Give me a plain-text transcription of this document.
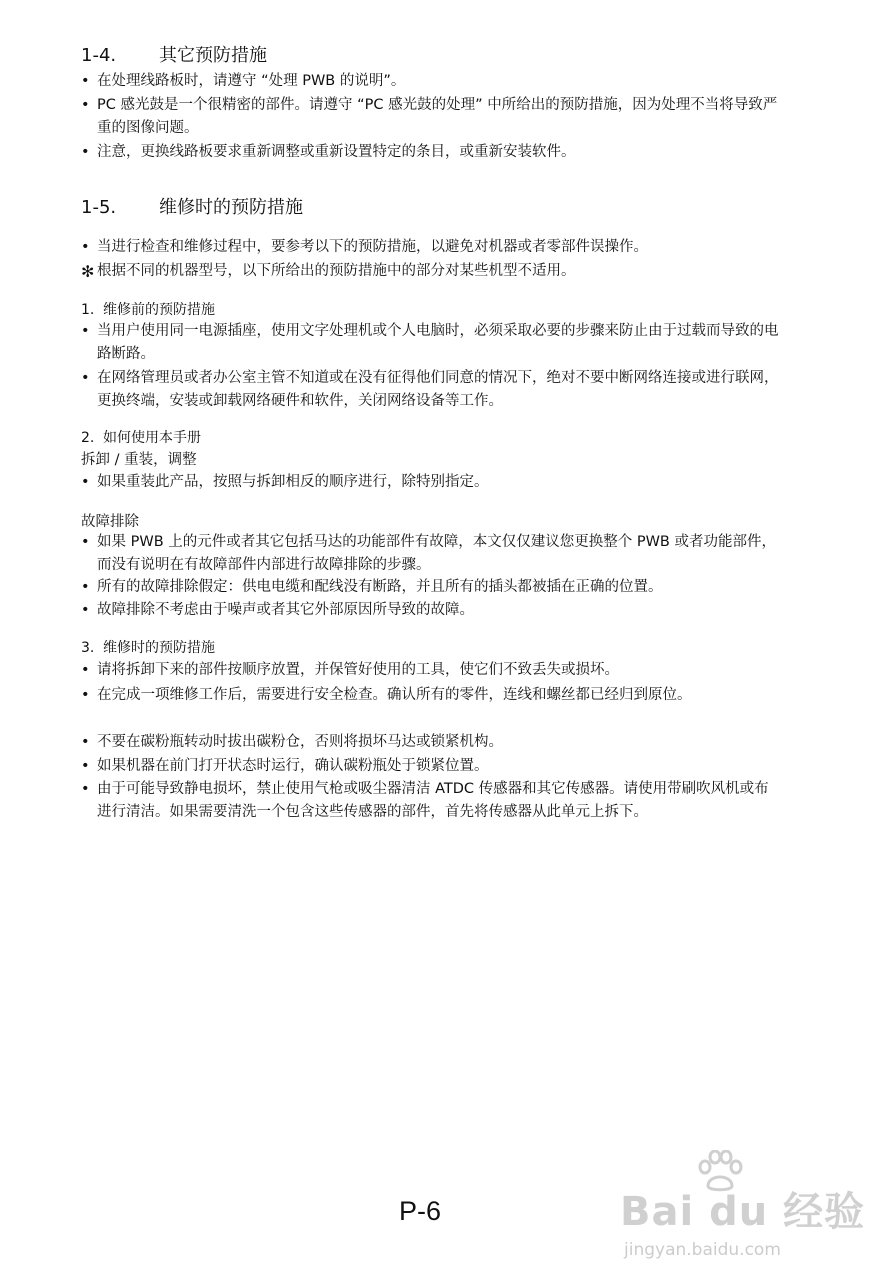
1-4. 其它预防措施
• 在处理线路板时，请遵守 “处理 PWB 的说明”。
• PC 感光鼓是一个很精密的部件。请遵守 “PC 感光鼓的处理” 中所给出的预防措施，因为处理不当将导致严重的图像问题。
• 注意，更换线路板要求重新调整或重新设置特定的条目，或重新安装软件。
1-5. 维修时的预防措施
• 当进行检查和维修过程中，要参考以下的预防措施，以避免对机器或者零部件误操作。
✻ 根据不同的机器型号，以下所给出的预防措施中的部分对某些机型不适用。
1. 维修前的预防措施
• 当用户使用同一电源插座，使用文字处理机或个人电脑时，必须采取必要的步骤来防止由于过载而导致的电路断路。
• 在网络管理员或者办公室主管不知道或在没有征得他们同意的情况下，绝对不要中断网络连接或进行联网，更换终端，安装或卸载网络硬件和软件，关闭网络设备等工作。
2. 如何使用本手册
拆卸 / 重装，调整
• 如果重装此产品，按照与拆卸相反的顺序进行，除特别指定。
故障排除
• 如果 PWB 上的元件或者其它包括马达的功能部件有故障，本文仅仅建议您更换整个 PWB 或者功能部件，而没有说明在有故障部件内部进行故障排除的步骤。
• 所有的故障排除假定：供电电缆和配线没有断路，并且所有的插头都被插在正确的位置。
• 故障排除不考虑由于噪声或者其它外部原因所导致的故障。
3. 维修时的预防措施
• 请将拆卸下来的部件按顺序放置，并保管好使用的工具，使它们不致丢失或损坏。
• 在完成一项维修工作后，需要进行安全检查。确认所有的零件，连线和螺丝都已经归到原位。
• 不要在碳粉瓶转动时拔出碳粉仓，否则将损坏马达或锁紧机构。
• 如果机器在前门打开状态时运行，确认碳粉瓶处于锁紧位置。
• 由于可能导致静电损坏，禁止使用气枪或吸尘器清洁 ATDC 传感器和其它传感器。请使用带刷吹风机或布进行清洁。如果需要清洗一个包含这些传感器的部件，首先将传感器从此单元上拆下。
P-6	Bai du 经验
jingyan.baidu.com
